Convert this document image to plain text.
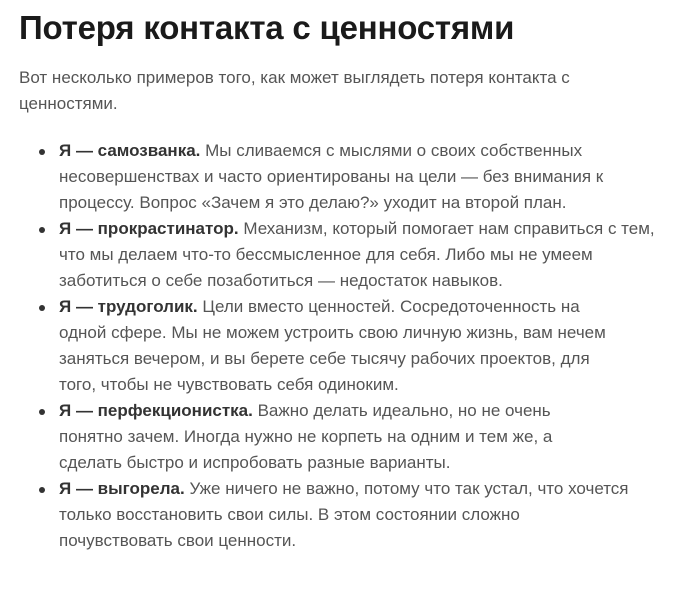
Потеря контакта с ценностями

Вот несколько примеров того, как может выглядеть потеря контакта с ценностями.

Я — самозванка. Мы сливаемся с мыслями о своих собственных несовершенствах и часто ориентированы на цели — без внимания к процессу. Вопрос «Зачем я это делаю?» уходит на второй план.
Я — прокрастинатор. Механизм, который помогает нам справиться с тем, что мы делаем что-то бессмысленное для себя. Либо мы не умеем заботиться о себе позаботиться — недостаток навыков.
Я — трудоголик. Цели вместо ценностей. Сосредоточенность на одной сфере. Мы не можем устроить свою личную жизнь, вам нечем заняться вечером, и вы берете себе тысячу рабочих проектов, для того, чтобы не чувствовать себя одиноким.
Я — перфекционистка. Важно делать идеально, но не очень понятно зачем. Иногда нужно не корпеть на одним и тем же, а сделать быстро и испробовать разные варианты.
Я — выгорела. Уже ничего не важно, потому что так устал, что хочется только восстановить свои силы. В этом состоянии сложно почувствовать свои ценности.
